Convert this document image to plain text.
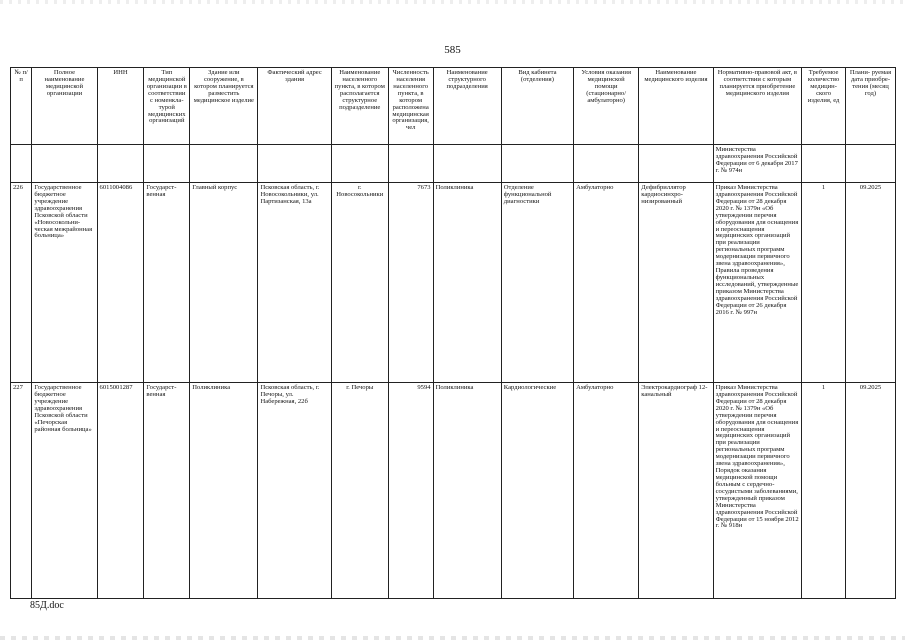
585
№ п/п	Полное наименование медицинской организации	ИНН	Тип медицинской организации в соответствии с номенкла- турой медицинских организаций	Здание или сооружение, в котором планируется разместить медицинское изделие	Фактический адрес здания	Наименование населенного пункта, в котором располагается структурное подразделение	Численность населения населенного пункта, в котором расположена медицинская организация, чел	Наименование структурного подразделения	Вид кабинета (отделения)	Условия оказания медицинской помощи (стационарно/ амбулаторно)	Наименование медицинского изделия	Нормативно-правовой акт, в соответствии с которым планируется приобретение медицинского изделия	Требуемое количество медицин- ского изделия, ед	Плани- руемая дата приобре- тения (месяц год)
												Министерства здравоохранения Российской Федерации от 6 декабря 2017 г. № 974н		
226	Государственное бюджетное учреждение здравоохранения Псковской области «Новосокольни- ческая межрайонная больница»	6011004086	Государст- венная	Главный корпус	Псковская область, г. Новосокольники, ул. Партизанская, 13а	г. Новосокольники	7673	Поликлиника	Отделение функциональной диагностики	Амбулаторно	Дефибриллятор кардиосинхро- низированный	Приказ Министерства здравоохранения Российской Федерации от 28 декабря 2020 г. № 1379н «Об утверждении перечня оборудования для оснащения и переоснащения медицинских организаций при реализации региональных программ модернизации первичного звена здравоохранения», Правила проведения функциональных исследований, утвержденные приказом Министерства здравоохранения Российской Федерации от 26 декабря 2016 г. № 997н	1	09.2025
227	Государственное бюджетное учреждение здравоохранения Псковской области «Печорская районная больница»	6015001287	Государст- венная	Поликлиника	Псковская область, г. Печоры, ул. Набережная, 22б	г. Печоры	9594	Поликлиника	Кардиологические	Амбулаторно	Электрокардиограф 12-канальный	Приказ Министерства здравоохранения Российской Федерации от 28 декабря 2020 г. № 1379н «Об утверждении перечня оборудования для оснащения и переоснащения медицинских организаций при реализации региональных программ модернизации первичного звена здравоохранения», Порядок оказания медицинской помощи больным с сердечно- сосудистыми заболеваниями, утвержденный приказом Министерства здравоохранения Российской Федерации от 15 ноября 2012 г. № 918н	1	09.2025
85Д.doc
